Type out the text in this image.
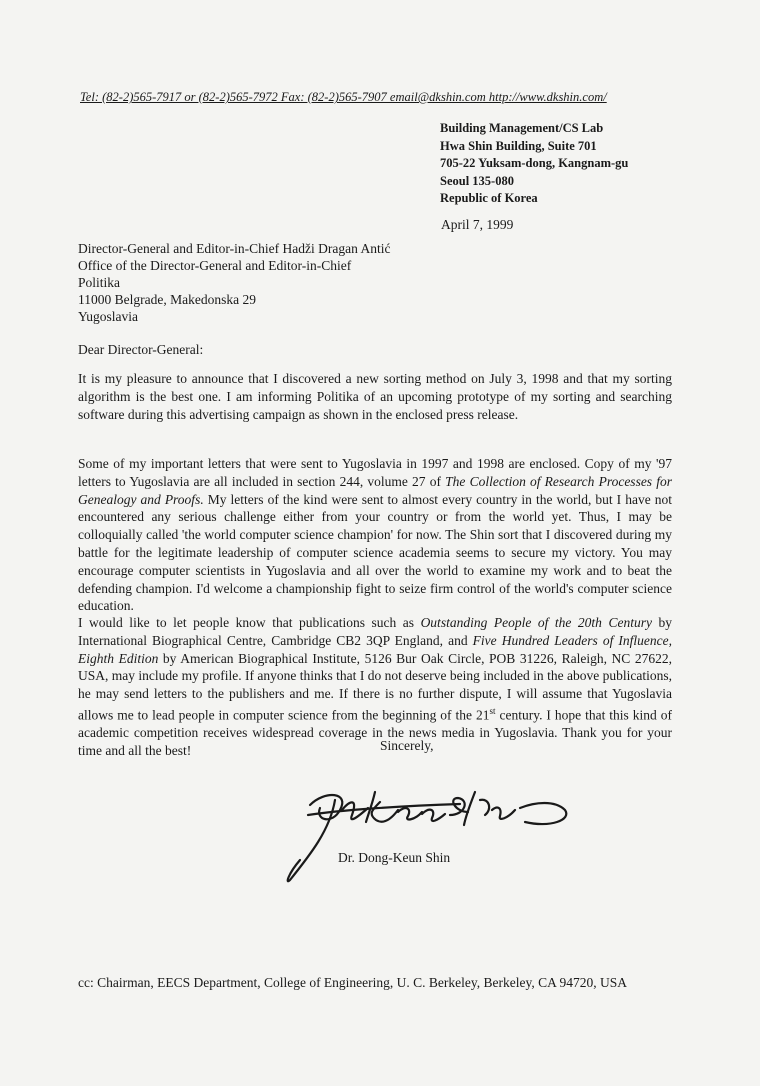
Tel: (82-2)565-7917 or (82-2)565-7972 Fax: (82-2)565-7907 email@dkshin.com http://www.dkshin.com/
Building Management/CS Lab
Hwa Shin Building, Suite 701
705-22 Yuksam-dong, Kangnam-gu
Seoul 135-080
Republic of Korea
April 7, 1999
Director-General and Editor-in-Chief Hadži Dragan Antić
Office of the Director-General and Editor-in-Chief
Politika
11000 Belgrade, Makedonska 29
Yugoslavia
Dear Director-General:

It is my pleasure to announce that I discovered a new sorting method on July 3, 1998 and that my sorting algorithm is the best one. I am informing Politika of an upcoming prototype of my sorting and searching software during this advertising campaign as shown in the enclosed press release.

Some of my important letters that were sent to Yugoslavia in 1997 and 1998 are enclosed. Copy of my '97 letters to Yugoslavia are all included in section 244, volume 27 of The Collection of Research Processes for Genealogy and Proofs. My letters of the kind were sent to almost every country in the world, but I have not encountered any serious challenge either from your country or from the world yet. Thus, I may be colloquially called 'the world computer science champion' for now. The Shin sort that I discovered during my battle for the legitimate leadership of computer science academia seems to secure my victory. You may encourage computer scientists in Yugoslavia and all over the world to examine my work and to beat the defending champion. I'd welcome a championship fight to seize firm control of the world's computer science education.

I would like to let people know that publications such as Outstanding People of the 20th Century by International Biographical Centre, Cambridge CB2 3QP England, and Five Hundred Leaders of Influence, Eighth Edition by American Biographical Institute, 5126 Bur Oak Circle, POB 31226, Raleigh, NC 27622, USA, may include my profile. If anyone thinks that I do not deserve being included in the above publications, he may send letters to the publishers and me. If there is no further dispute, I will assume that Yugoslavia allows me to lead people in computer science from the beginning of the 21st century. I hope that this kind of academic competition receives widespread coverage in the news media in Yugoslavia. Thank you for your time and all the best!	Sincerely,
Dr. Dong-Keun Shin
cc: Chairman, EECS Department, College of Engineering, U. C. Berkeley, Berkeley, CA 94720, USA
